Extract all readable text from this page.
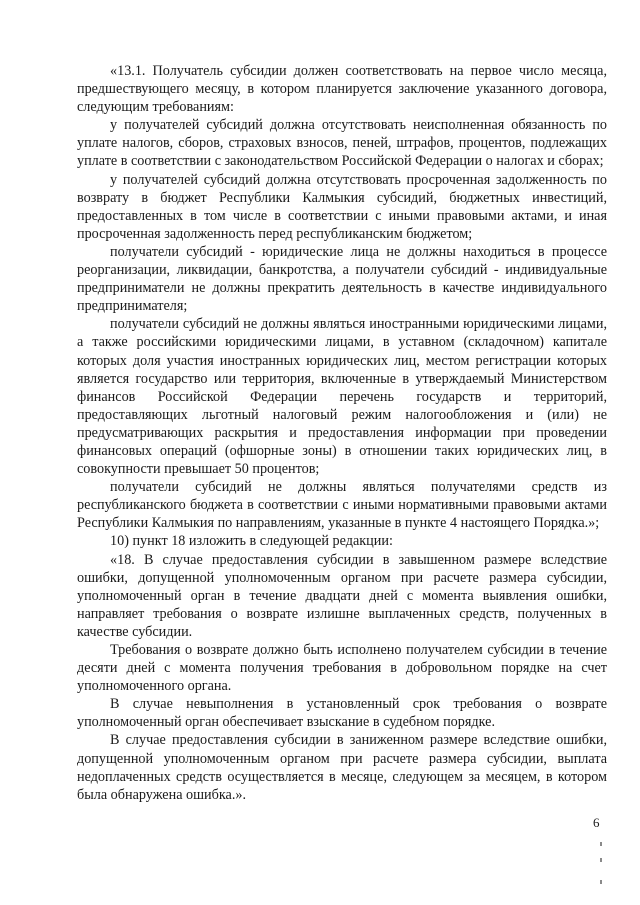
«13.1. Получатель субсидии должен соответствовать на первое число месяца, предшествующего месяцу, в котором планируется заключение указанного договора, следующим требованиям:

у получателей субсидий должна отсутствовать неисполненная обязанность по уплате налогов, сборов, страховых взносов, пеней, штрафов, процентов, подлежащих уплате в соответствии с законодательством Российской Федерации о налогах и сборах;

у получателей субсидий должна отсутствовать просроченная задолженность по возврату в бюджет Республики Калмыкия субсидий, бюджетных инвестиций, предоставленных в том числе в соответствии с иными правовыми актами, и иная просроченная задолженность перед республиканским бюджетом;

получатели субсидий - юридические лица не должны находиться в процессе реорганизации, ликвидации, банкротства, а получатели субсидий - индивидуальные предприниматели не должны прекратить деятельность в качестве индивидуального предпринимателя;

получатели субсидий не должны являться иностранными юридическими лицами, а также российскими юридическими лицами, в уставном (складочном) капитале которых доля участия иностранных юридических лиц, местом регистрации которых является государство или территория, включенные в утверждаемый Министерством финансов Российской Федерации перечень государств и территорий, предоставляющих льготный налоговый режим налогообложения и (или) не предусматривающих раскрытия и предоставления информации при проведении финансовых операций (офшорные зоны) в отношении таких юридических лиц, в совокупности превышает 50 процентов;

получатели субсидий не должны являться получателями средств из республиканского бюджета в соответствии с иными нормативными правовыми актами Республики Калмыкия по направлениям, указанные в пункте 4 настоящего Порядка.»;

10) пункт 18 изложить в следующей редакции:

«18. В случае предоставления субсидии в завышенном размере вследствие ошибки, допущенной уполномоченным органом при расчете размера субсидии, уполномоченный орган в течение двадцати дней с момента выявления ошибки, направляет требования о возврате излишне выплаченных средств, полученных в качестве субсидии.

Требования о возврате должно быть исполнено получателем субсидии в течение десяти дней с момента получения требования в добровольном порядке на счет уполномоченного органа.

В случае невыполнения в установленный срок требования о возврате уполномоченный орган обеспечивает взыскание в судебном порядке.

В случае предоставления субсидии в заниженном размере вследствие ошибки, допущенной уполномоченным органом при расчете размера субсидии, выплата недоплаченных средств осуществляется в месяце, следующем за месяцем, в котором была обнаружена ошибка.».

6
